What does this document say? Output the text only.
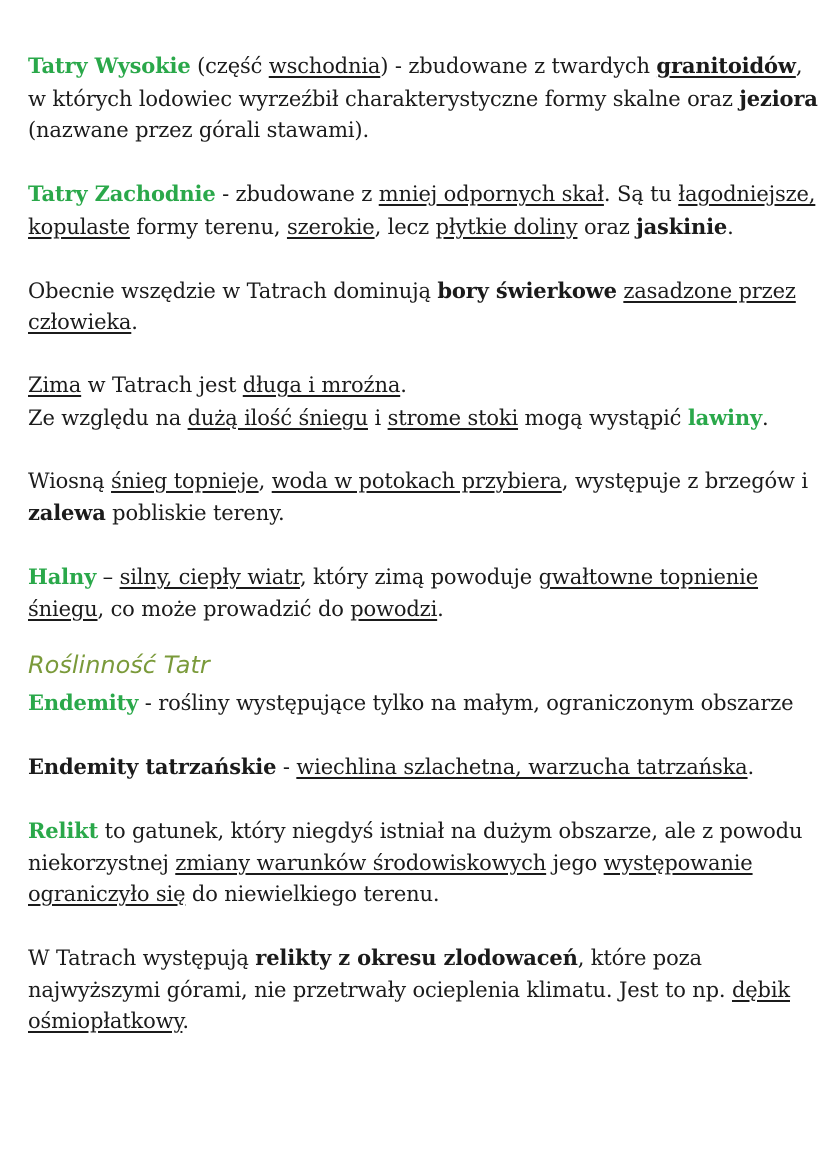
Tatry Wysokie (część wschodnia) - zbudowane z twardych granitoidów, w których lodowiec wyrzeźbił charakterystyczne formy skalne oraz jeziora (nazwane przez górali stawami).

Tatry Zachodnie - zbudowane z mniej odpornych skał. Są tu łagodniejsze, kopulaste formy terenu, szerokie, lecz płytkie doliny oraz jaskinie.

Obecnie wszędzie w Tatrach dominują bory świerkowe zasadzone przez człowieka.

Zima w Tatrach jest długa i mroźna.
Ze względu na dużą ilość śniegu i strome stoki mogą wystąpić lawiny.

Wiosną śnieg topnieje, woda w potokach przybiera, występuje z brzegów i zalewa pobliskie tereny.

Halny – silny, ciepły wiatr, który zimą powoduje gwałtowne topnienie śniegu, co może prowadzić do powodzi.

Roślinność Tatr

Endemity - rośliny występujące tylko na małym, ograniczonym obszarze

Endemity tatrzańskie - wiechlina szlachetna, warzucha tatrzańska.

Relikt to gatunek, który niegdyś istniał na dużym obszarze, ale z powodu niekorzystnej zmiany warunków środowiskowych jego występowanie ograniczyło się do niewielkiego terenu.

W Tatrach występują relikty z okresu zlodowaceń, które poza najwyższymi górami, nie przetrwały ocieplenia klimatu. Jest to np. dębik ośmiopłatkowy.
